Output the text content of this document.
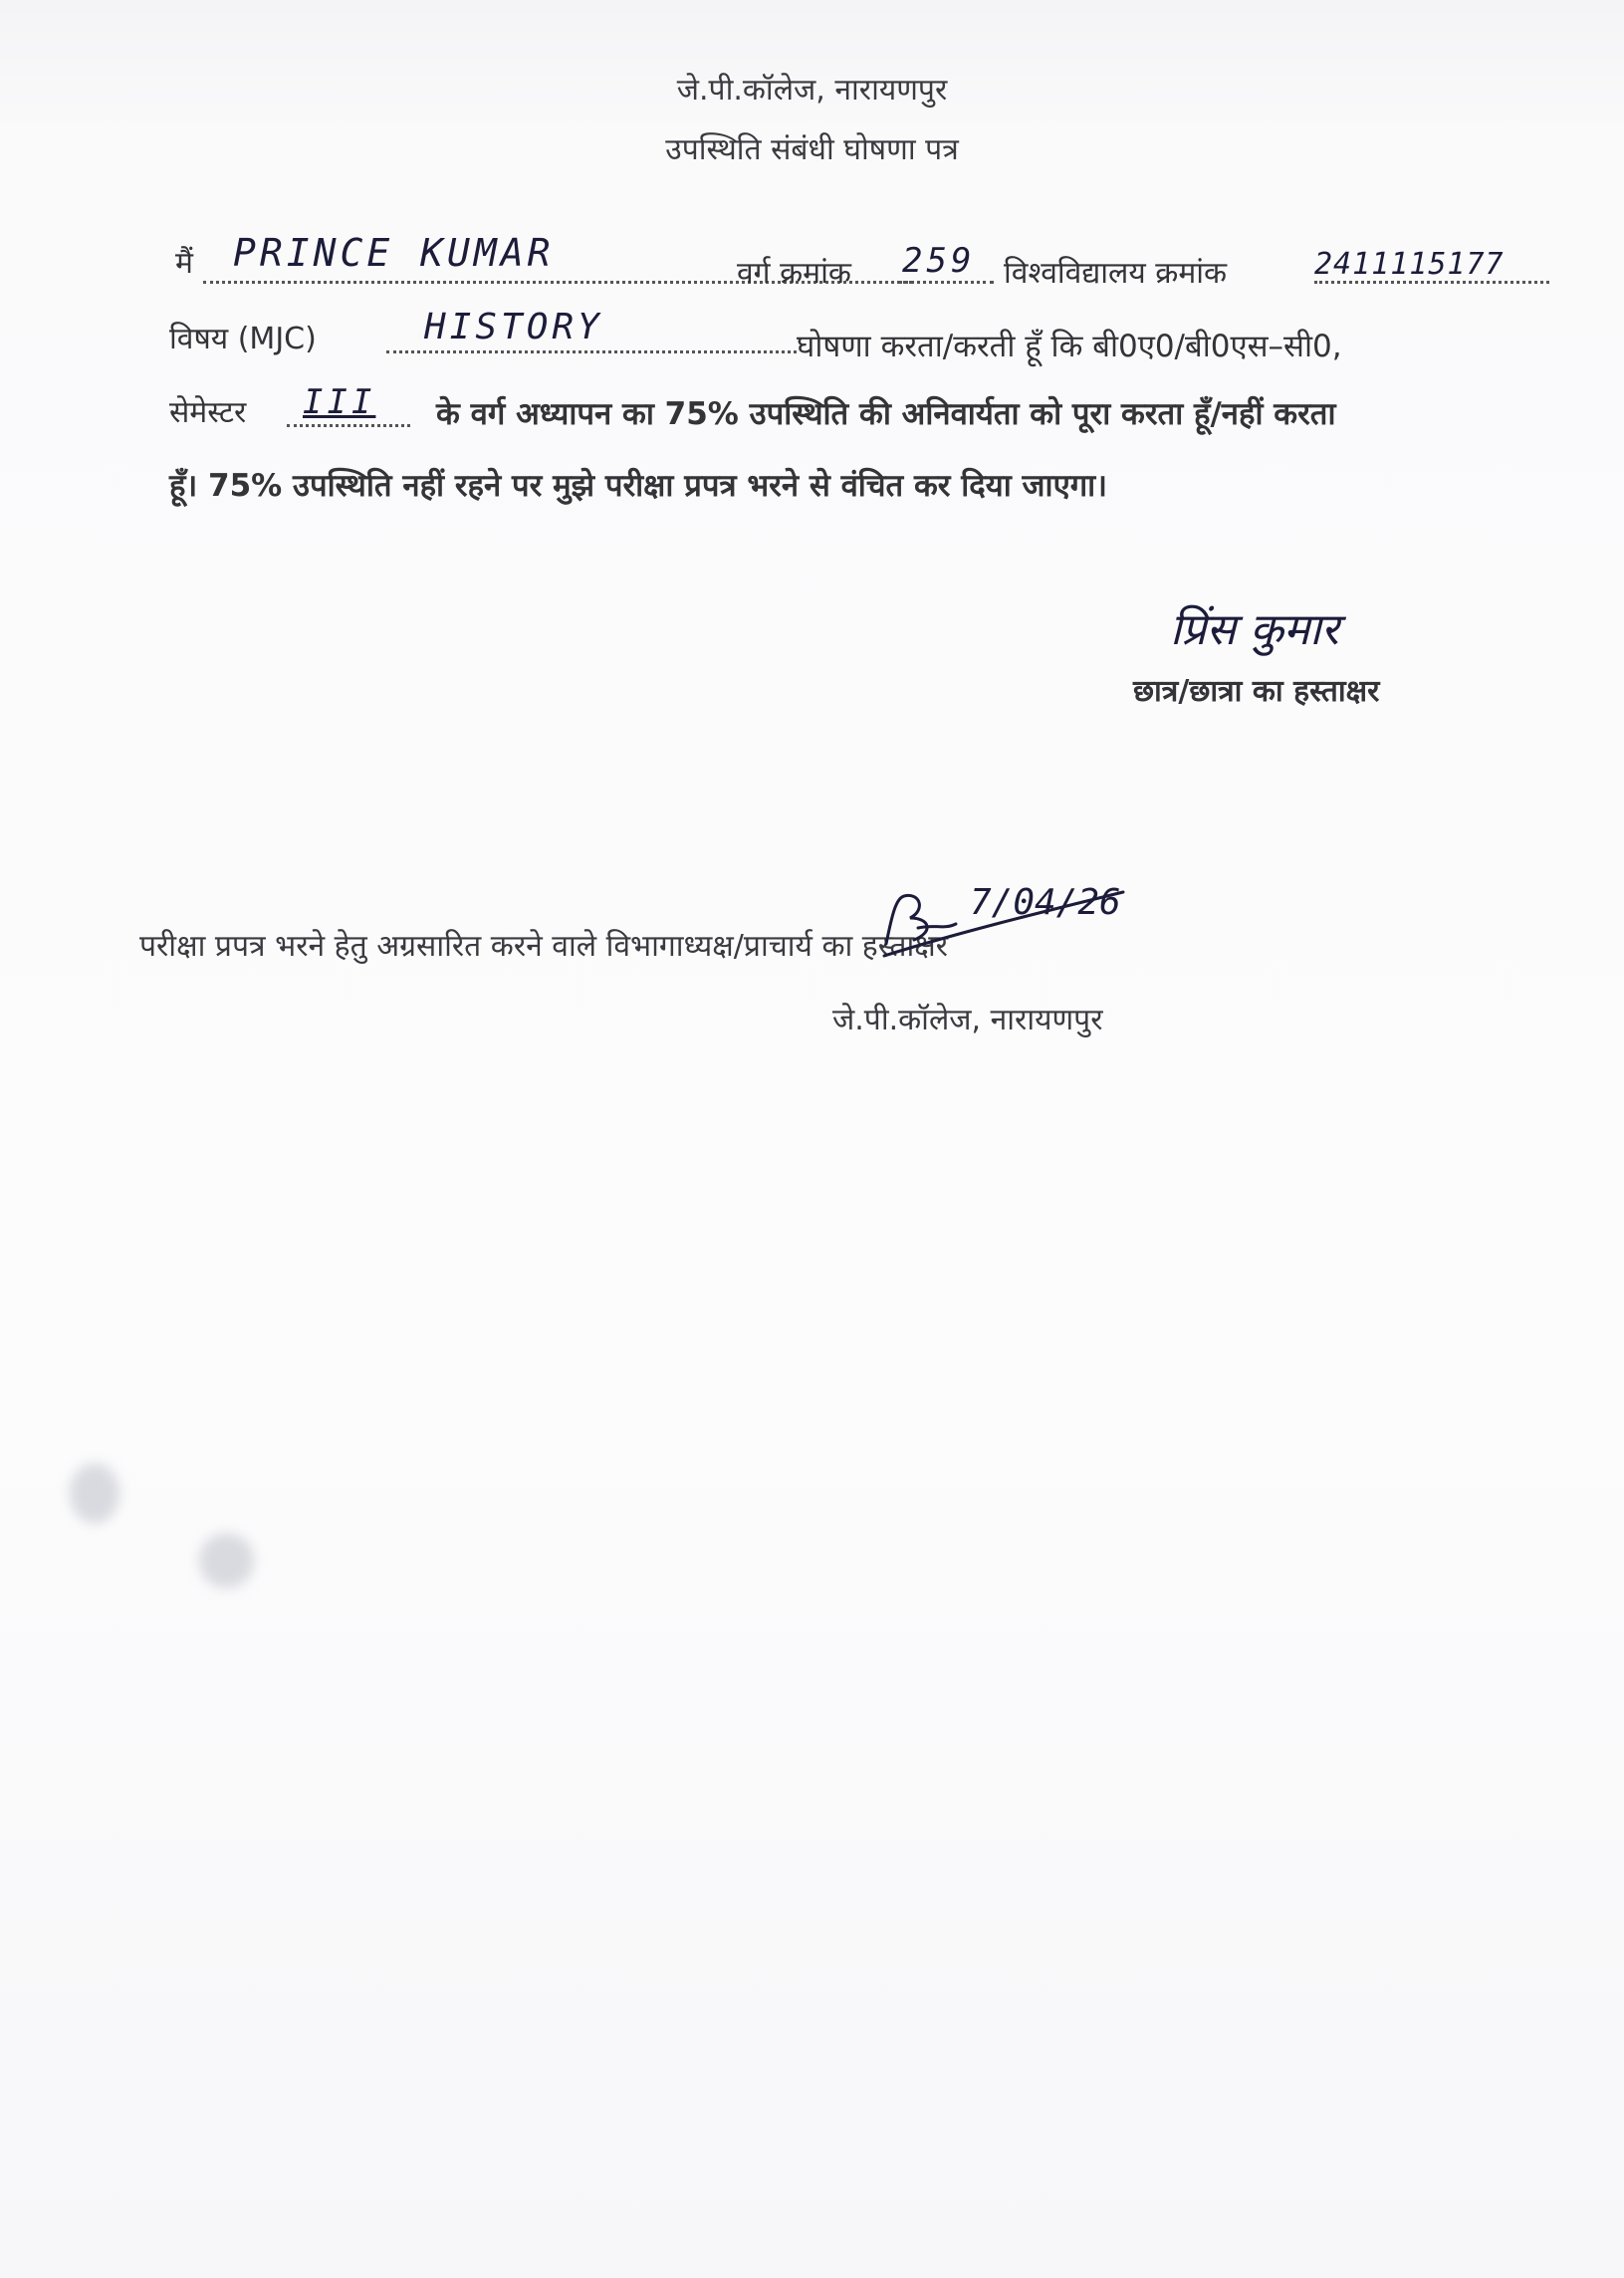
जे.पी.कॉलेज, नारायणपुर
उपस्थिति संबंधी घोषणा पत्र
मैं PRINCE KUMAR	वर्ग क्रमांक 259 विश्वविद्यालय क्रमांक	2411115177
विषय (MJC)	HISTORY	घोषणा करता/करती हूँ कि बी0ए0/बी0एस–सी0,
सेमेस्टर III के वर्ग अध्यापन का 75% उपस्थिति की अनिवार्यता को पूरा करता हूँ/नहीं करता
हूँ। 75% उपस्थिति नहीं रहने पर मुझे परीक्षा प्रपत्र भरने से वंचित कर दिया जाएगा।
प्रिंस कुमार
छात्र/छात्रा का हस्ताक्षर
परीक्षा प्रपत्र भरने हेतु अग्रसारित करने वाले विभागाध्यक्ष/प्राचार्य का हस्ताक्षर
7/04/26
जे.पी.कॉलेज, नारायणपुर
